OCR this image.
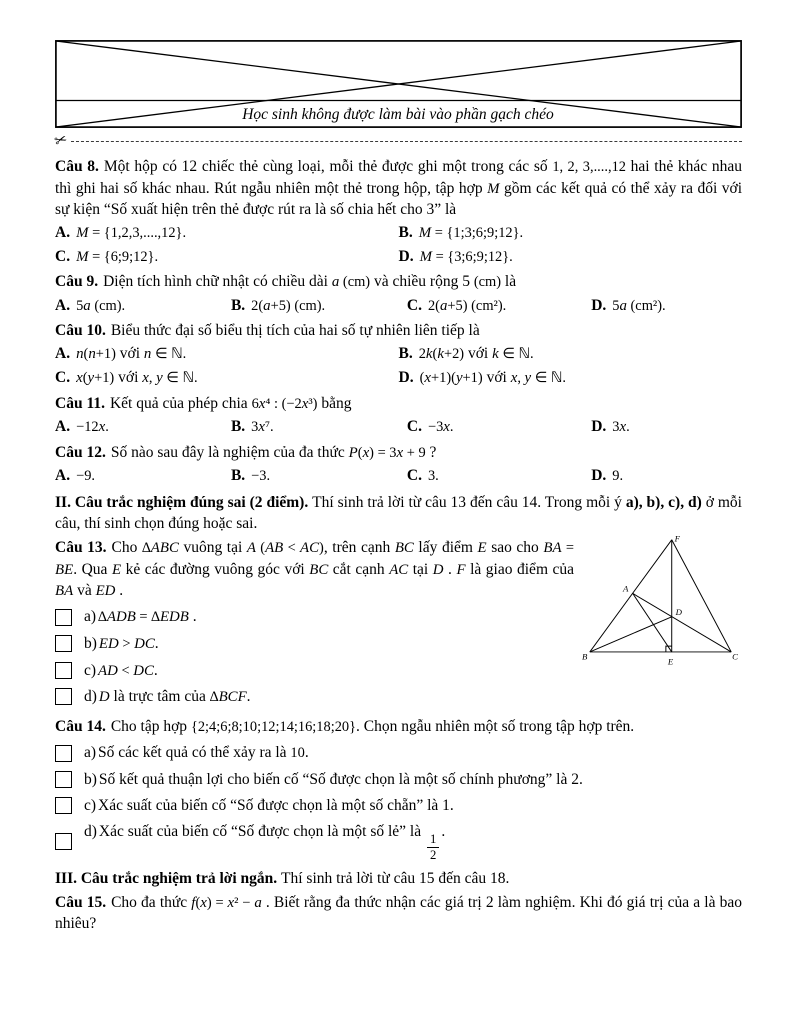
Học sinh không được làm bài vào phần gạch chéo
✂

Câu 8. Một hộp có 12 chiếc thẻ cùng loại, mỗi thẻ được ghi một trong các số 1, 2, 3,....,12 hai thẻ khác nhau thì ghi hai số khác nhau. Rút ngẫu nhiên một thẻ trong hộp, tập hợp M gồm các kết quả có thể xảy ra đối với sự kiện “Số xuất hiện trên thẻ được rút ra là số chia hết cho 3” là

A. M = {1,2,3,....,12}.	B. M = {1;3;6;9;12}.
C. M = {6;9;12}.	D. M = {3;6;9;12}.

Câu 9. Diện tích hình chữ nhật có chiều dài a (cm) và chiều rộng 5 (cm) là

A. 5a (cm).	B. 2(a+5) (cm).	C. 2(a+5) (cm²).	D. 5a (cm²).

Câu 10. Biểu thức đại số biểu thị tích của hai số tự nhiên liên tiếp là

A. n(n+1) với n ∈ ℕ.	B. 2k(k+2) với k ∈ ℕ.
C. x(y+1) với x, y ∈ ℕ.	D. (x+1)(y+1) với x, y ∈ ℕ.

Câu 11. Kết quả của phép chia 6x⁴ : (−2x³) bằng

A. −12x.	B. 3x⁷.	C. −3x.	D. 3x.

Câu 12. Số nào sau đây là nghiệm của đa thức P(x) = 3x + 9 ?

A. −9.	B. −3.	C. 3.	D. 9.

II. Câu trắc nghiệm đúng sai (2 điểm). Thí sinh trả lời từ câu 13 đến câu 14. Trong mỗi ý a), b), c), d) ở mỗi câu, thí sinh chọn đúng hoặc sai.

F
A
D
B	E	C

Câu 13. Cho ∆ABC vuông tại A (AB < AC), trên cạnh BC lấy điểm E sao cho BA = BE. Qua E kẻ các đường vuông góc với BC cắt cạnh AC tại D . F là giao điểm của BA và ED .

a) ∆ADB = ∆EDB .
b) ED > DC.
c) AD < DC.
d) D là trực tâm của ∆BCF.

Câu 14. Cho tập hợp {2;4;6;8;10;12;14;16;18;20}. Chọn ngẫu nhiên một số trong tập hợp trên.

a) Số các kết quả có thể xảy ra là 10.
b) Số kết quả thuận lợi cho biến cố “Số được chọn là một số chính phương” là 2.
c) Xác suất của biến cố “Số được chọn là một số chẵn” là 1.
d) Xác suất của biến cố “Số được chọn là một số lẻ” là
$\frac{1}{2}$
.

III. Câu trắc nghiệm trả lời ngắn. Thí sinh trả lời từ câu 15 đến câu 18.

Câu 15. Cho đa thức f(x) = x² − a . Biết rằng đa thức nhận các giá trị 2 làm nghiệm. Khi đó giá trị của a là bao nhiêu?
